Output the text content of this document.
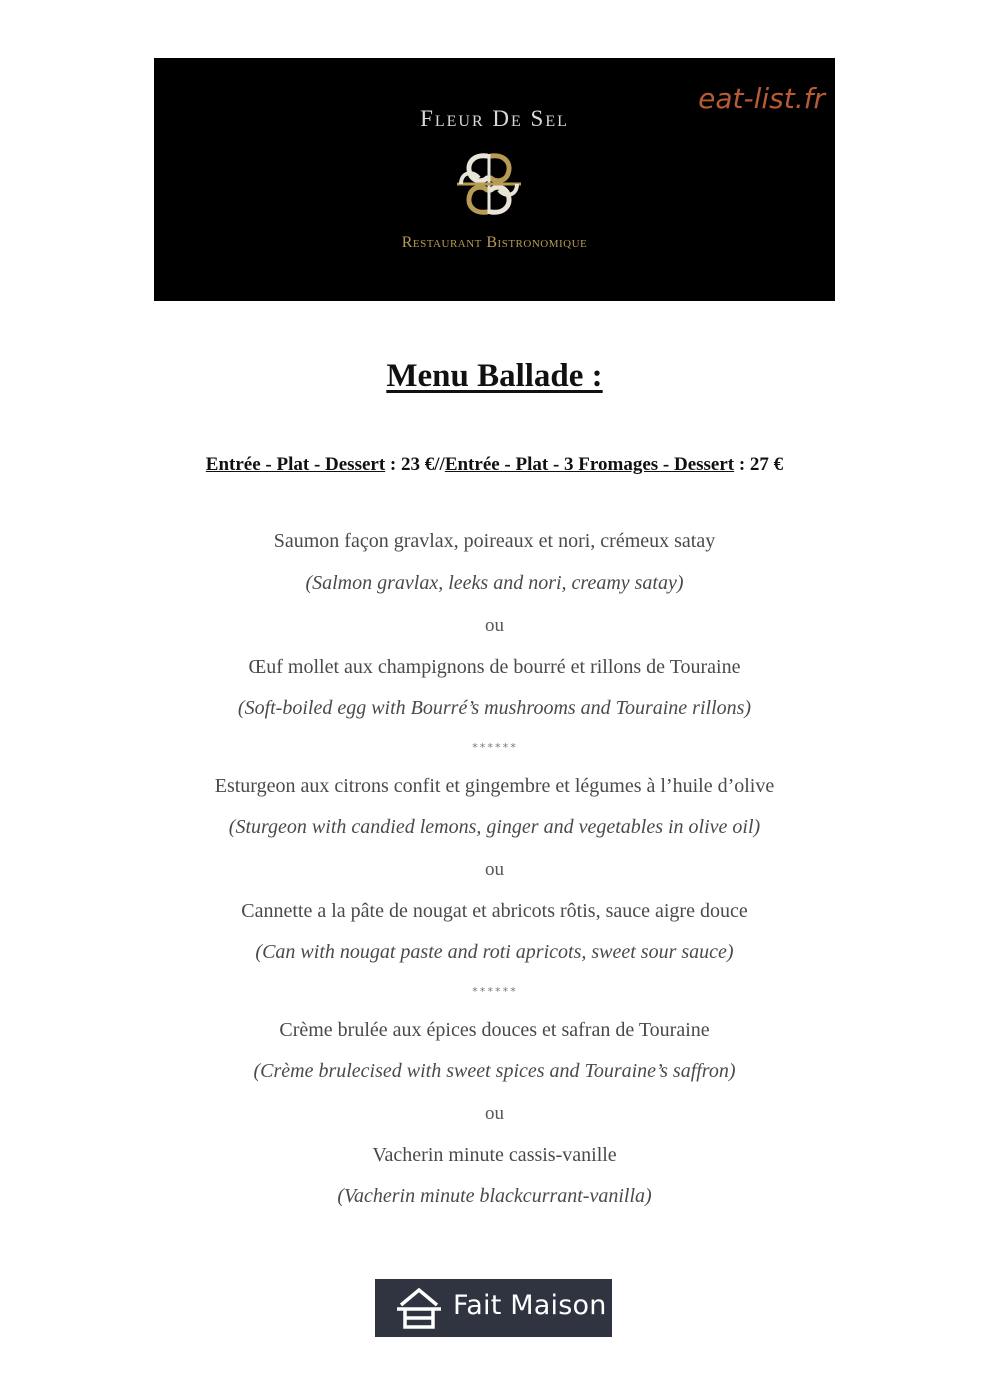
Fleur De Sel
Restaurant Bistronomique
eat-list.fr
Menu Ballade :
Entrée - Plat - Dessert : 23 €//Entrée - Plat - 3 Fromages - Dessert : 27 €
Saumon façon gravlax, poireaux et nori, crémeux satay
(Salmon gravlax, leeks and nori, creamy satay)
ou
Œuf mollet aux champignons de bourré et rillons de Touraine
(Soft-boiled egg with Bourré’s mushrooms and Touraine rillons)
******
Esturgeon aux citrons confit et gingembre et légumes à l’huile d’olive
(Sturgeon with candied lemons, ginger and vegetables in olive oil)
ou
Cannette a la pâte de nougat et abricots rôtis, sauce aigre douce
(Can with nougat paste and roti apricots, sweet sour sauce)
******
Crème brulée aux épices douces et safran de Touraine
(Crème brulecised with sweet spices and Touraine’s saffron)
ou
Vacherin minute cassis-vanille
(Vacherin minute blackcurrant-vanilla)
Fait Maison
